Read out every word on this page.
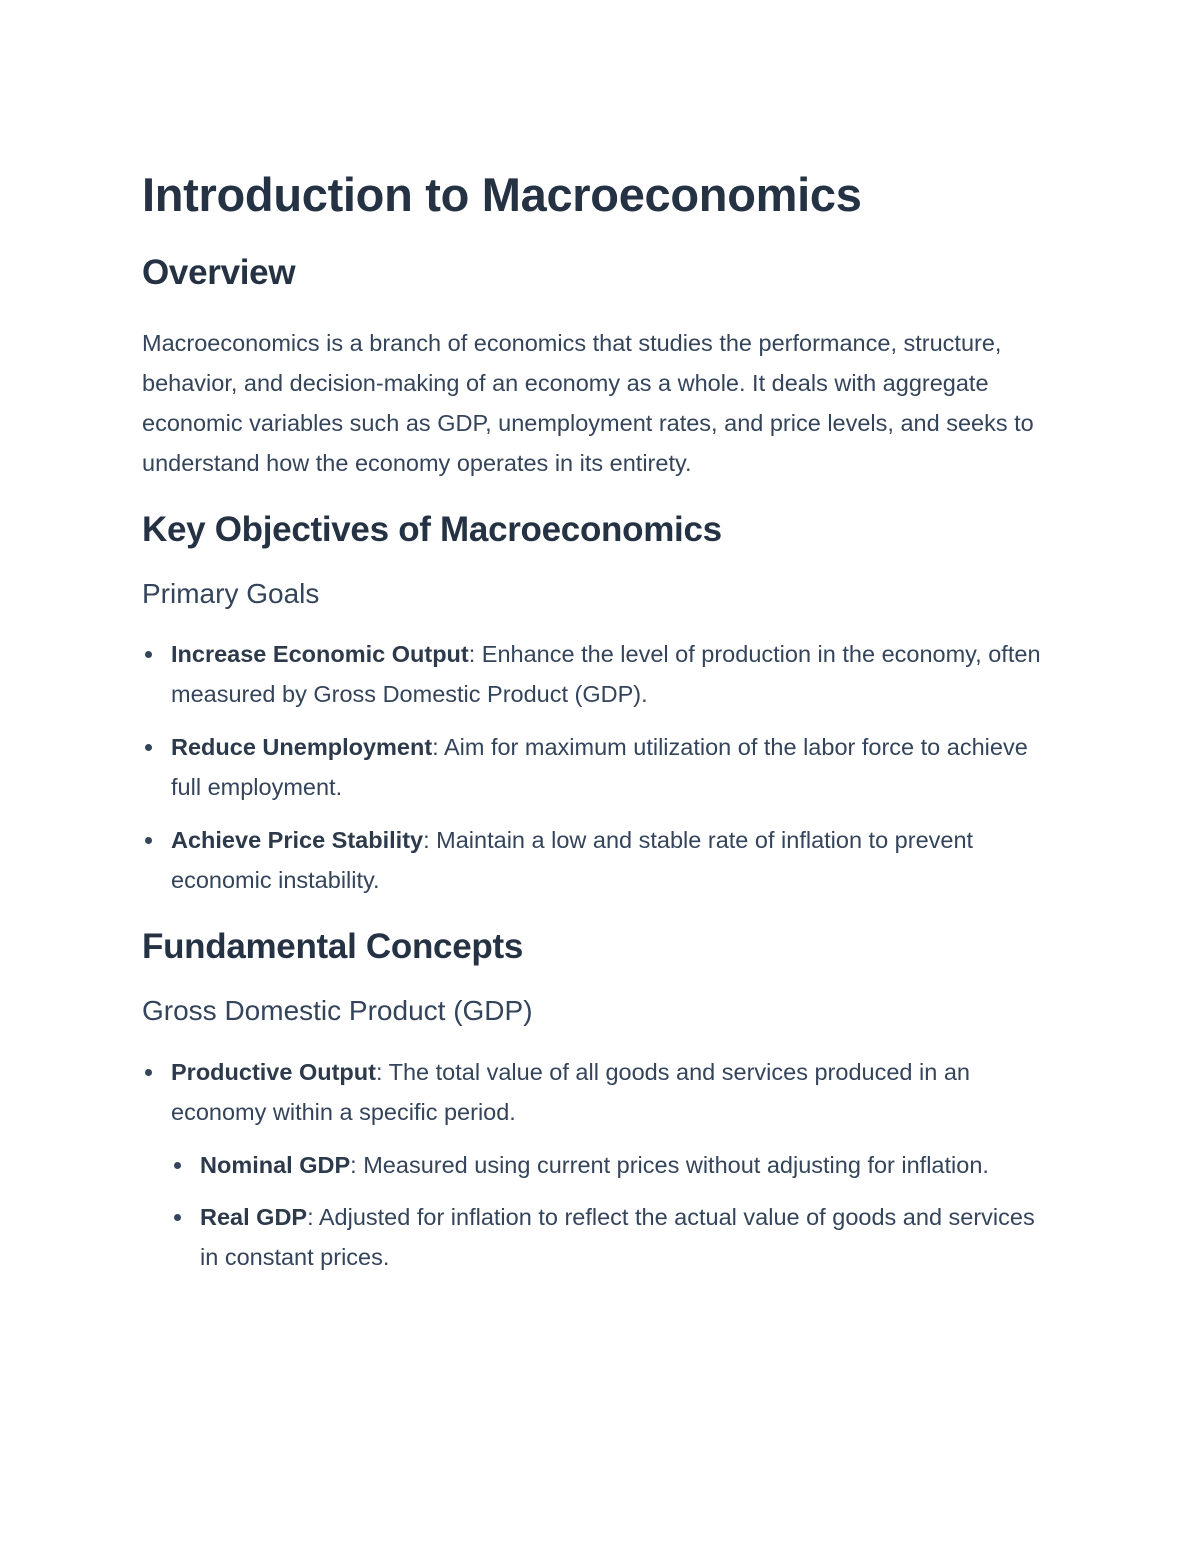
Introduction to Macroeconomics
Overview

Macroeconomics is a branch of economics that studies the performance, structure, behavior, and decision-making of an economy as a whole. It deals with aggregate economic variables such as GDP, unemployment rates, and price levels, and seeks to understand how the economy operates in its entirety.

Key Objectives of Macroeconomics
Primary Goals
Increase Economic Output: Enhance the level of production in the economy, often measured by Gross Domestic Product (GDP).
Reduce Unemployment: Aim for maximum utilization of the labor force to achieve full employment.
Achieve Price Stability: Maintain a low and stable rate of inflation to prevent economic instability.
Fundamental Concepts
Gross Domestic Product (GDP)
Productive Output: The total value of all goods and services produced in an economy within a specific period.
Nominal GDP: Measured using current prices without adjusting for inflation.
Real GDP: Adjusted for inflation to reflect the actual value of goods and services in constant prices.
